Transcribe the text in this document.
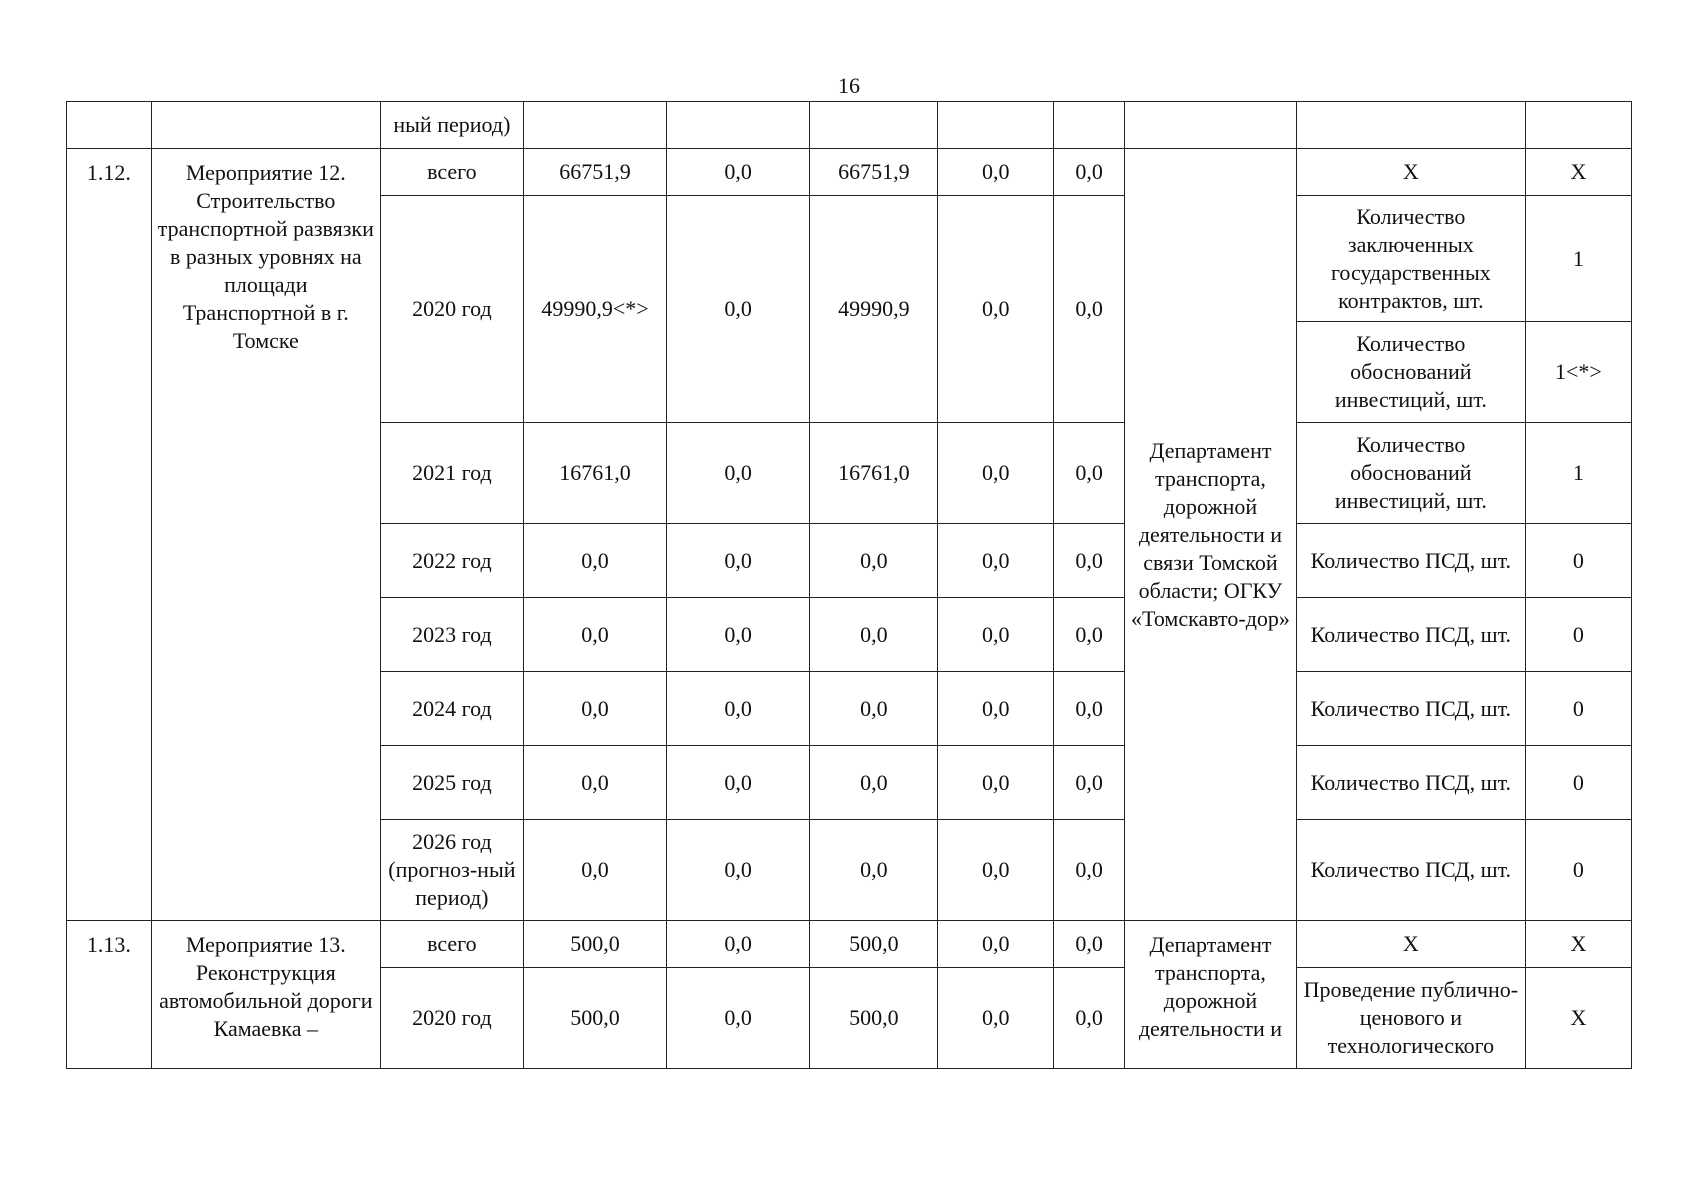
16
		ный период)								
1.12.	Мероприятие 12. Строительство транспортной развязки в разных уровнях на площади Транспортной в г. Томске	всего	66751,9	0,0	66751,9	0,0	0,0	Департамент транспорта, дорожной деятельности и связи Томской области; ОГКУ «Томскавто-дор»	X	X
		2020 год	49990,9<*>	0,0	49990,9	0,0	0,0		Количество заключенных государственных контрактов, шт.	1
									Количество обоснований инвестиций, шт.	1<*>
		2021 год	16761,0	0,0	16761,0	0,0	0,0		Количество обоснований инвестиций, шт.	1
		2022 год	0,0	0,0	0,0	0,0	0,0		Количество ПСД, шт.	0
		2023 год	0,0	0,0	0,0	0,0	0,0		Количество ПСД, шт.	0
		2024 год	0,0	0,0	0,0	0,0	0,0		Количество ПСД, шт.	0
		2025 год	0,0	0,0	0,0	0,0	0,0		Количество ПСД, шт.	0
		2026 год (прогноз-ный период)	0,0	0,0	0,0	0,0	0,0		Количество ПСД, шт.	0
1.13.	Мероприятие 13. Реконструкция автомобильной дороги Камаевка –	всего	500,0	0,0	500,0	0,0	0,0	Департамент транспорта, дорожной деятельности и	X	X
		2020 год	500,0	0,0	500,0	0,0	0,0		Проведение публично-ценового и технологического	X
